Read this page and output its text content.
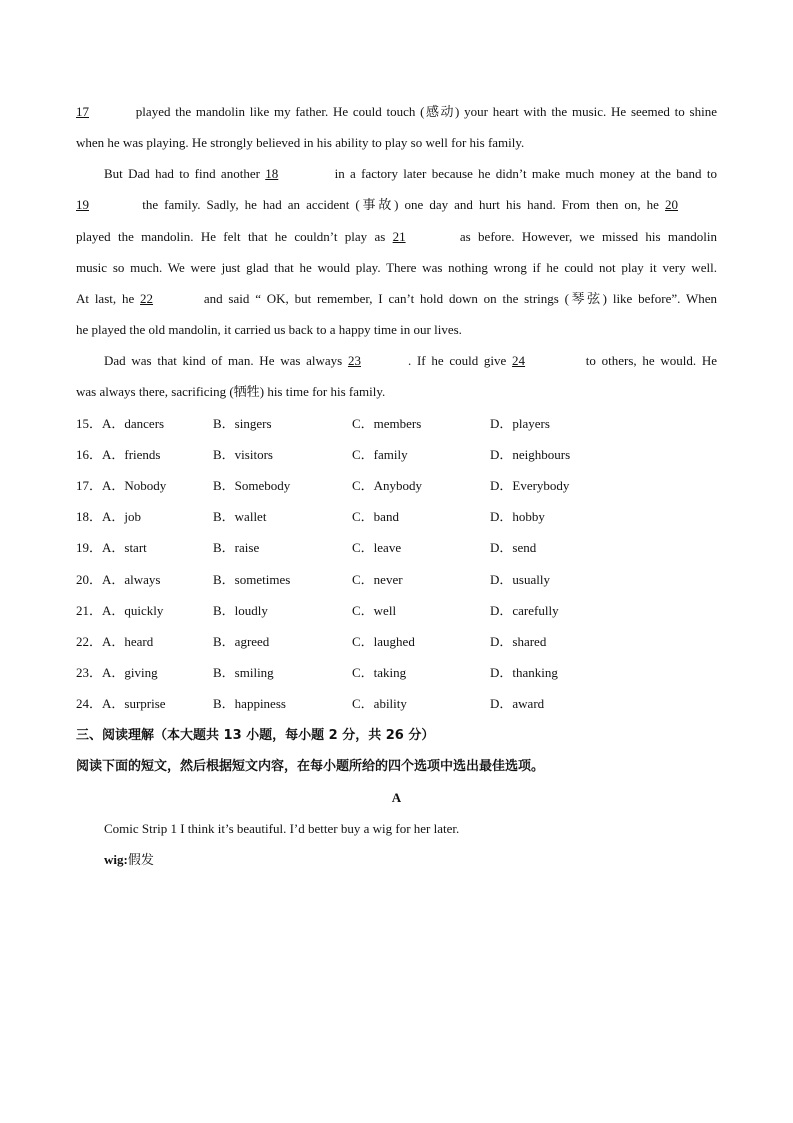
17	played the mandolin like my father. He could touch (感动) your heart with the music. He seemed to shine
when he was playing. He strongly believed in his ability to play so well for his family.
But Dad had to find another 18	in a factory later because he didn’t make much money at the band to
19	the family. Sadly, he had an accident (事故) one day and hurt his hand. From then on, he 20
played the mandolin. He felt that he couldn’t play as 21	as before. However, we missed his mandolin
music so much. We were just glad that he would play. There was nothing wrong if he could not play it very well.
At last, he 22	and said “ OK, but remember, I can’t hold down on the strings (琴弦) like before”. When
he played the old mandolin, it carried us back to a happy time in our lives.
Dad was that kind of man. He was always 23	. If he could give 24	to others, he would. He
was always there, sacrificing (牺牲) his time for his family.
15．A．dancers	B．singers	C．members	D．players
16．A．friends	B．visitors	C．family	D．neighbours
17．A．Nobody	B．Somebody	C．Anybody	D．Everybody
18．A．job	B．wallet	C．band	D．hobby
19．A．start	B．raise	C．leave	D．send
20．A．always	B．sometimes	C．never	D．usually
21．A．quickly	B．loudly	C．well	D．carefully
22．A．heard	B．agreed	C．laughed	D．shared
23．A．giving	B．smiling	C．taking	D．thanking
24．A．surprise	B．happiness	C．ability	D．award
三、阅读理解（本大题共 13 小题，每小题 2 分，共 26 分）
阅读下面的短文，然后根据短文内容，在每小题所给的四个选项中选出最佳选项。
A
Comic Strip 1 I think it’s beautiful. I’d better buy a wig for her later.
wig:假发
